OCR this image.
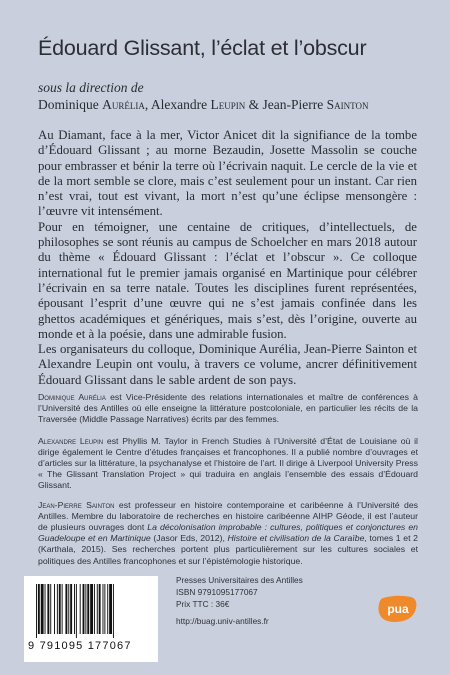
Édouard Glissant, l’éclat et l’obscur
sous la direction de
Dominique Aurélia, Alexandre Leupin & Jean-Pierre Sainton

Au Diamant, face à la mer, Victor Anicet dit la signifiance de la tombe d’Édouard Glissant ; au morne Bezaudin, Josette Massolin se couche pour embrasser et bénir la terre où l’écrivain naquit. Le cercle de la vie et de la mort semble se clore, mais c’est seulement pour un instant. Car rien n’est vrai, tout est vivant, la mort n’est qu’une éclipse mensongère : l’œuvre vit intensément.

Pour en témoigner, une centaine de critiques, d’intellectuels, de philosophes se sont réunis au campus de Schoelcher en mars 2018 autour du thème « Édouard Glissant : l’éclat et l’obscur ». Ce colloque international fut le premier jamais organisé en Martinique pour célébrer l’écrivain en sa terre natale. Toutes les disciplines furent représentées, épousant l’esprit d’une œuvre qui ne s’est jamais confinée dans les ghettos académiques et génériques, mais s’est, dès l’origine, ouverte au monde et à la poésie, dans une admirable fusion.

Les organisateurs du colloque, Dominique Aurélia, Jean-Pierre Sainton et Alexandre Leupin ont voulu, à travers ce volume, ancrer définitivement Édouard Glissant dans le sable ardent de son pays.

Dominique Aurélia est Vice-Présidente des relations internationales et maître de conférences à l’Université des Antilles où elle enseigne la littérature postcoloniale, en particulier les récits de la Traversée (Middle Passage Narratives) écrits par des femmes.

Alexandre Leupin est Phyllis M. Taylor in French Studies à l’Université d’État de Louisiane où il dirige également le Centre d’études françaises et francophones. Il a publié nombre d’ouvrages et d’articles sur la littérature, la psychanalyse et l’histoire de l’art. Il dirige à Liverpool University Press « The Glissant Translation Project » qui traduira en anglais l’ensemble des essais d’Édouard Glissant.

Jean-Pierre Sainton est professeur en histoire contemporaine et caribéenne à l’Université des Antilles. Membre du laboratoire de recherches en histoire caribéenne AIHP Géode, il est l’auteur de plusieurs ouvrages dont La décolonisation improbable : cultures, politiques et conjonctures en Guadeloupe et en Martinique (Jasor Eds, 2012), Histoire et civilisation de la Caraïbe, tomes 1 et 2 (Karthala, 2015). Ses recherches portent plus particulièrement sur les cultures sociales et politiques des Antilles francophones et sur l’épistémologie historique.

9 791095 177067
Presses Universitaires des Antilles
ISBN 9791095177067
Prix TTC : 36€
http://buag.univ-antilles.fr
pua
